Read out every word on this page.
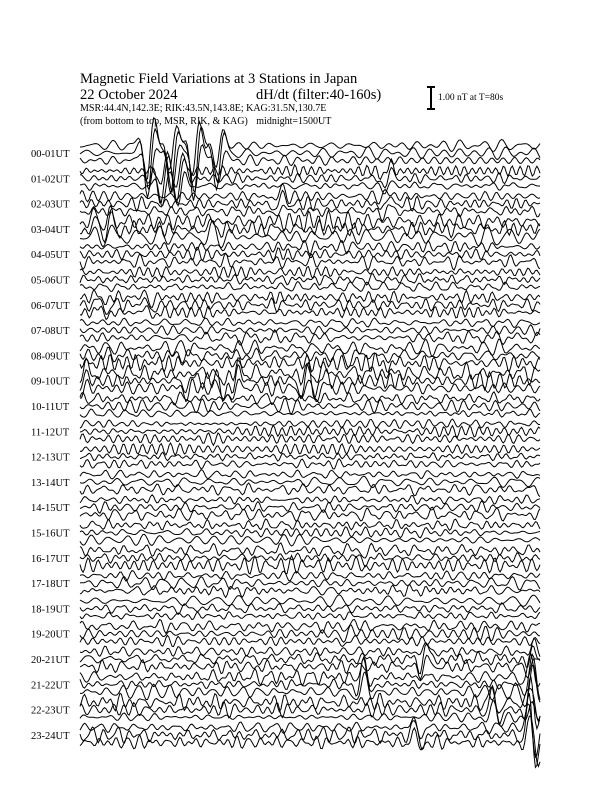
Magnetic Field Variations at 3 Stations in Japan
22 October 2024	dH/dt (filter:40-160s)
MSR:44.4N,142.3E; RIK:43.5N,143.8E; KAG:31.5N,130.7E
(from bottom to top, MSR, RIK, & KAG) midnight=1500UT
1.00 nT at T=80s
00-01UT
01-02UT
02-03UT
03-04UT
04-05UT
05-06UT
06-07UT
07-08UT
08-09UT
09-10UT
10-11UT
11-12UT
12-13UT
13-14UT
14-15UT
15-16UT
16-17UT
17-18UT
18-19UT
19-20UT
20-21UT
21-22UT
22-23UT
23-24UT
